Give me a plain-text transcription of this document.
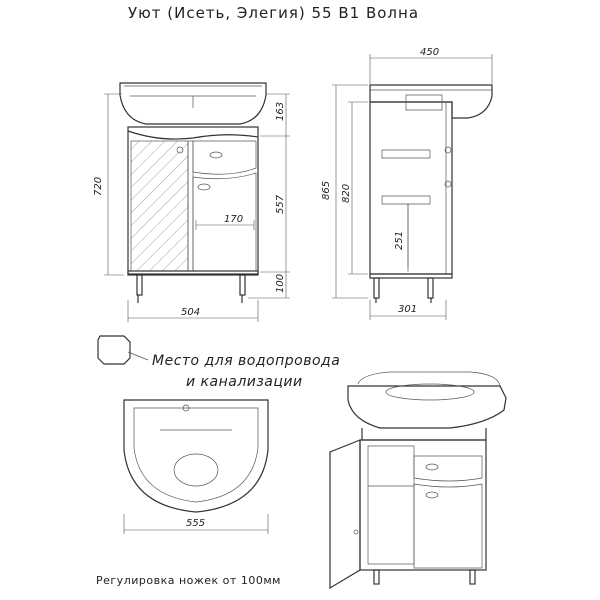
Уют (Исеть, Элегия) 55 В1 Волна
170
720
163
557
100
504
450
865 820
251
301
Место для водопровода
и канализации
555
Регулировка ножек от 100мм
